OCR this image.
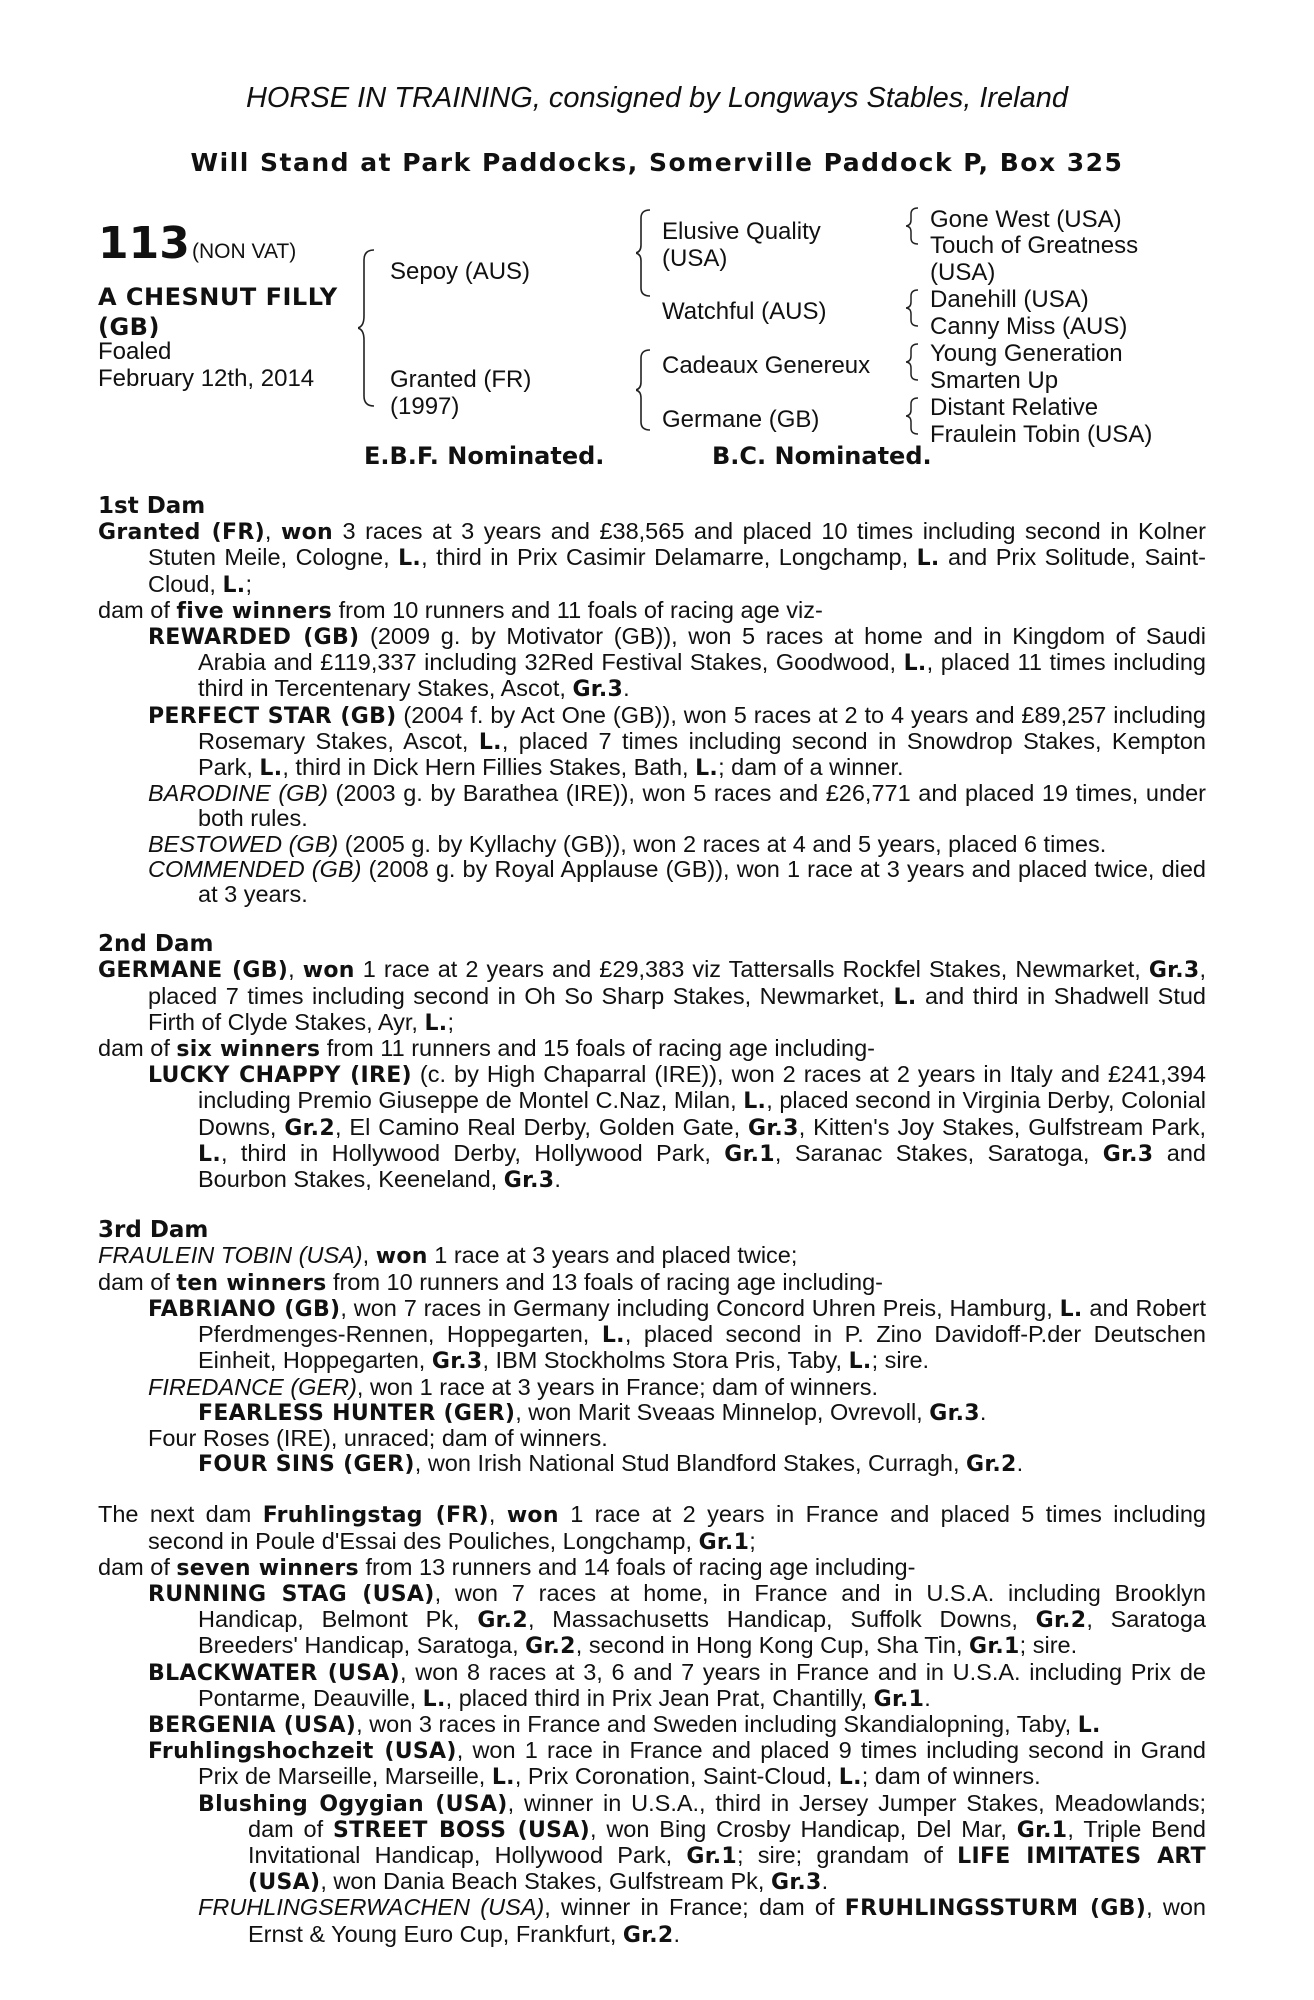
HORSE IN TRAINING, consigned by Longways Stables, Ireland
Will Stand at Park Paddocks, Somerville Paddock P, Box 325
113 (NON VAT)
A CHESNUT FILLY
(GB)
Foaled
February 12th, 2014
Sepoy (AUS)
Granted (FR)
(1997)
Elusive Quality
(USA)
Watchful (AUS)
Cadeaux Genereux
Germane (GB)
Gone West (USA)
Touch of Greatness
(USA)
Danehill (USA)
Canny Miss (AUS)
Young Generation
Smarten Up
Distant Relative
Fraulein Tobin (USA)
E.B.F. Nominated.	B.C. Nominated.
1st Dam
Granted (FR), won 3 races at 3 years and £38,565 and placed 10 times including second in Kolner Stuten Meile, Cologne, L., third in Prix Casimir Delamarre, Longchamp, L. and Prix Solitude, Saint-Cloud, L.;
dam of five winners from 10 runners and 11 foals of racing age viz-
REWARDED (GB) (2009 g. by Motivator (GB)), won 5 races at home and in Kingdom of Saudi Arabia and £119,337 including 32Red Festival Stakes, Goodwood, L., placed 11 times including third in Tercentenary Stakes, Ascot, Gr.3.
PERFECT STAR (GB) (2004 f. by Act One (GB)), won 5 races at 2 to 4 years and £89,257 including Rosemary Stakes, Ascot, L., placed 7 times including second in Snowdrop Stakes, Kempton Park, L., third in Dick Hern Fillies Stakes, Bath, L.; dam of a winner.
BARODINE (GB) (2003 g. by Barathea (IRE)), won 5 races and £26,771 and placed 19 times, under both rules.
BESTOWED (GB) (2005 g. by Kyllachy (GB)), won 2 races at 4 and 5 years, placed 6 times.
COMMENDED (GB) (2008 g. by Royal Applause (GB)), won 1 race at 3 years and placed twice, died at 3 years.
2nd Dam
GERMANE (GB), won 1 race at 2 years and £29,383 viz Tattersalls Rockfel Stakes, Newmarket, Gr.3, placed 7 times including second in Oh So Sharp Stakes, Newmarket, L. and third in Shadwell Stud Firth of Clyde Stakes, Ayr, L.;
dam of six winners from 11 runners and 15 foals of racing age including-
LUCKY CHAPPY (IRE) (c. by High Chaparral (IRE)), won 2 races at 2 years in Italy and £241,394 including Premio Giuseppe de Montel C.Naz, Milan, L., placed second in Virginia Derby, Colonial Downs, Gr.2, El Camino Real Derby, Golden Gate, Gr.3, Kitten's Joy Stakes, Gulfstream Park, L., third in Hollywood Derby, Hollywood Park, Gr.1, Saranac Stakes, Saratoga, Gr.3 and Bourbon Stakes, Keeneland, Gr.3.
3rd Dam
FRAULEIN TOBIN (USA), won 1 race at 3 years and placed twice;
dam of ten winners from 10 runners and 13 foals of racing age including-
FABRIANO (GB), won 7 races in Germany including Concord Uhren Preis, Hamburg, L. and Robert Pferdmenges-Rennen, Hoppegarten, L., placed second in P. Zino Davidoff-P.der Deutschen Einheit, Hoppegarten, Gr.3, IBM Stockholms Stora Pris, Taby, L.; sire.
FIREDANCE (GER), won 1 race at 3 years in France; dam of winners.
FEARLESS HUNTER (GER), won Marit Sveaas Minnelop, Ovrevoll, Gr.3.
Four Roses (IRE), unraced; dam of winners.
FOUR SINS (GER), won Irish National Stud Blandford Stakes, Curragh, Gr.2.
The next dam Fruhlingstag (FR), won 1 race at 2 years in France and placed 5 times including second in Poule d'Essai des Pouliches, Longchamp, Gr.1;
dam of seven winners from 13 runners and 14 foals of racing age including-
RUNNING STAG (USA), won 7 races at home, in France and in U.S.A. including Brooklyn Handicap, Belmont Pk, Gr.2, Massachusetts Handicap, Suffolk Downs, Gr.2, Saratoga Breeders' Handicap, Saratoga, Gr.2, second in Hong Kong Cup, Sha Tin, Gr.1; sire.
BLACKWATER (USA), won 8 races at 3, 6 and 7 years in France and in U.S.A. including Prix de Pontarme, Deauville, L., placed third in Prix Jean Prat, Chantilly, Gr.1.
BERGENIA (USA), won 3 races in France and Sweden including Skandialopning, Taby, L.
Fruhlingshochzeit (USA), won 1 race in France and placed 9 times including second in Grand Prix de Marseille, Marseille, L., Prix Coronation, Saint-Cloud, L.; dam of winners.
Blushing Ogygian (USA), winner in U.S.A., third in Jersey Jumper Stakes, Meadowlands; dam of STREET BOSS (USA), won Bing Crosby Handicap, Del Mar, Gr.1, Triple Bend Invitational Handicap, Hollywood Park, Gr.1; sire; grandam of LIFE IMITATES ART (USA), won Dania Beach Stakes, Gulfstream Pk, Gr.3.
FRUHLINGSERWACHEN (USA), winner in France; dam of FRUHLINGSSTURM (GB), won Ernst & Young Euro Cup, Frankfurt, Gr.2.
